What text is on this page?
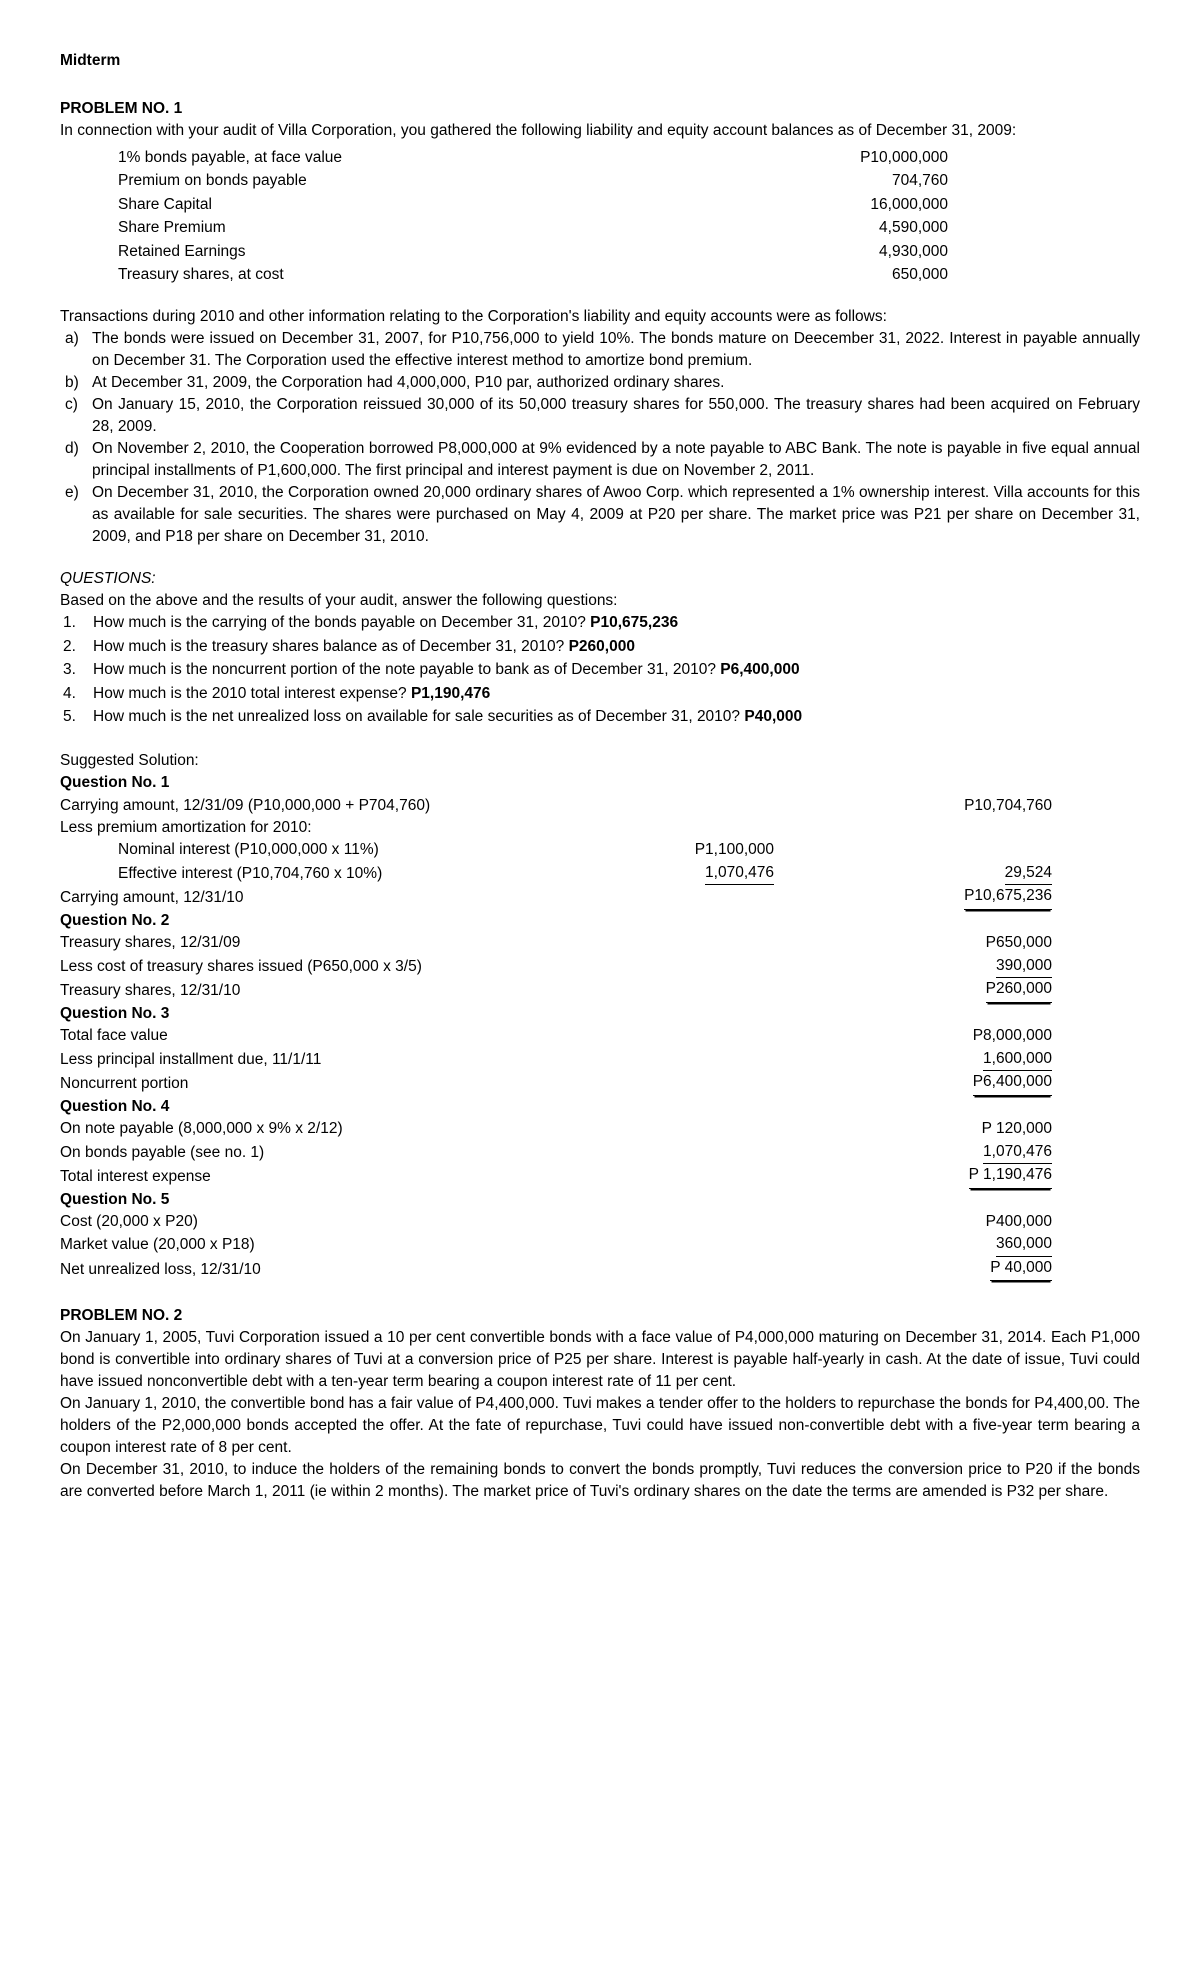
Midterm
PROBLEM NO. 1

In connection with your audit of Villa Corporation, you gathered the following liability and equity account balances as of December 31, 2009:

1% bonds payable, at face value	P10,000,000
Premium on bonds payable	704,760
Share Capital	16,000,000
Share Premium	4,590,000
Retained Earnings	4,930,000
Treasury shares, at cost	650,000

Transactions during 2010 and other information relating to the Corporation's liability and equity accounts were as follows:

a) The bonds were issued on December 31, 2007, for P10,756,000 to yield 10%. The bonds mature on Deecember 31, 2022. Interest in payable annually on December 31. The Corporation used the effective interest method to amortize bond premium.
b) At December 31, 2009, the Corporation had 4,000,000, P10 par, authorized ordinary shares.
c) On January 15, 2010, the Corporation reissued 30,000 of its 50,000 treasury shares for 550,000. The treasury shares had been acquired on February 28, 2009.
d) On November 2, 2010, the Cooperation borrowed P8,000,000 at 9% evidenced by a note payable to ABC Bank. The note is payable in five equal annual principal installments of P1,600,000. The first principal and interest payment is due on November 2, 2011.
e) On December 31, 2010, the Corporation owned 20,000 ordinary shares of Awoo Corp. which represented a 1% ownership interest. Villa accounts for this as available for sale securities. The shares were purchased on May 4, 2009 at P20 per share. The market price was P21 per share on December 31, 2009, and P18 per share on December 31, 2010.

QUESTIONS:

Based on the above and the results of your audit, answer the following questions:

1.	How much is the carrying of the bonds payable on December 31, 2010? P10,675,236
2.	How much is the treasury shares balance as of December 31, 2010? P260,000
3.	How much is the noncurrent portion of the note payable to bank as of December 31, 2010? P6,400,000
4.	How much is the 2010 total interest expense? P1,190,476
5.	How much is the net unrealized loss on available for sale securities as of December 31, 2010? P40,000
Suggested Solution:
Question No. 1
Carrying amount, 12/31/09 (P10,000,000 + P704,760)		P10,704,760
Less premium amortization for 2010:		
Nominal interest (P10,000,000 x 11%)	P1,100,000	
Effective interest (P10,704,760 x 10%)	1,070,476	29,524
Carrying amount, 12/31/10		P10,675,236
Question No. 2
Treasury shares, 12/31/09		P650,000
Less cost of treasury shares issued (P650,000 x 3/5)		390,000
Treasury shares, 12/31/10		P260,000
Question No. 3
Total face value		P8,000,000
Less principal installment due, 11/1/11		1,600,000
Noncurrent portion		P6,400,000
Question No. 4
On note payable (8,000,000 x 9% x 2/12)		P 120,000
On bonds payable (see no. 1)		1,070,476
Total interest expense		P 1,190,476
Question No. 5
Cost (20,000 x P20)		P400,000
Market value (20,000 x P18)		360,000
Net unrealized loss, 12/31/10		P 40,000
PROBLEM NO. 2

On January 1, 2005, Tuvi Corporation issued a 10 per cent convertible bonds with a face value of P4,000,000 maturing on December 31, 2014. Each P1,000 bond is convertible into ordinary shares of Tuvi at a conversion price of P25 per share. Interest is payable half-yearly in cash. At the date of issue, Tuvi could have issued nonconvertible debt with a ten-year term bearing a coupon interest rate of 11 per cent.

On January 1, 2010, the convertible bond has a fair value of P4,400,000. Tuvi makes a tender offer to the holders to repurchase the bonds for P4,400,00. The holders of the P2,000,000 bonds accepted the offer. At the fate of repurchase, Tuvi could have issued non-convertible debt with a five-year term bearing a coupon interest rate of 8 per cent.

On December 31, 2010, to induce the holders of the remaining bonds to convert the bonds promptly, Tuvi reduces the conversion price to P20 if the bonds are converted before March 1, 2011 (ie within 2 months). The market price of Tuvi's ordinary shares on the date the terms are amended is P32 per share.
